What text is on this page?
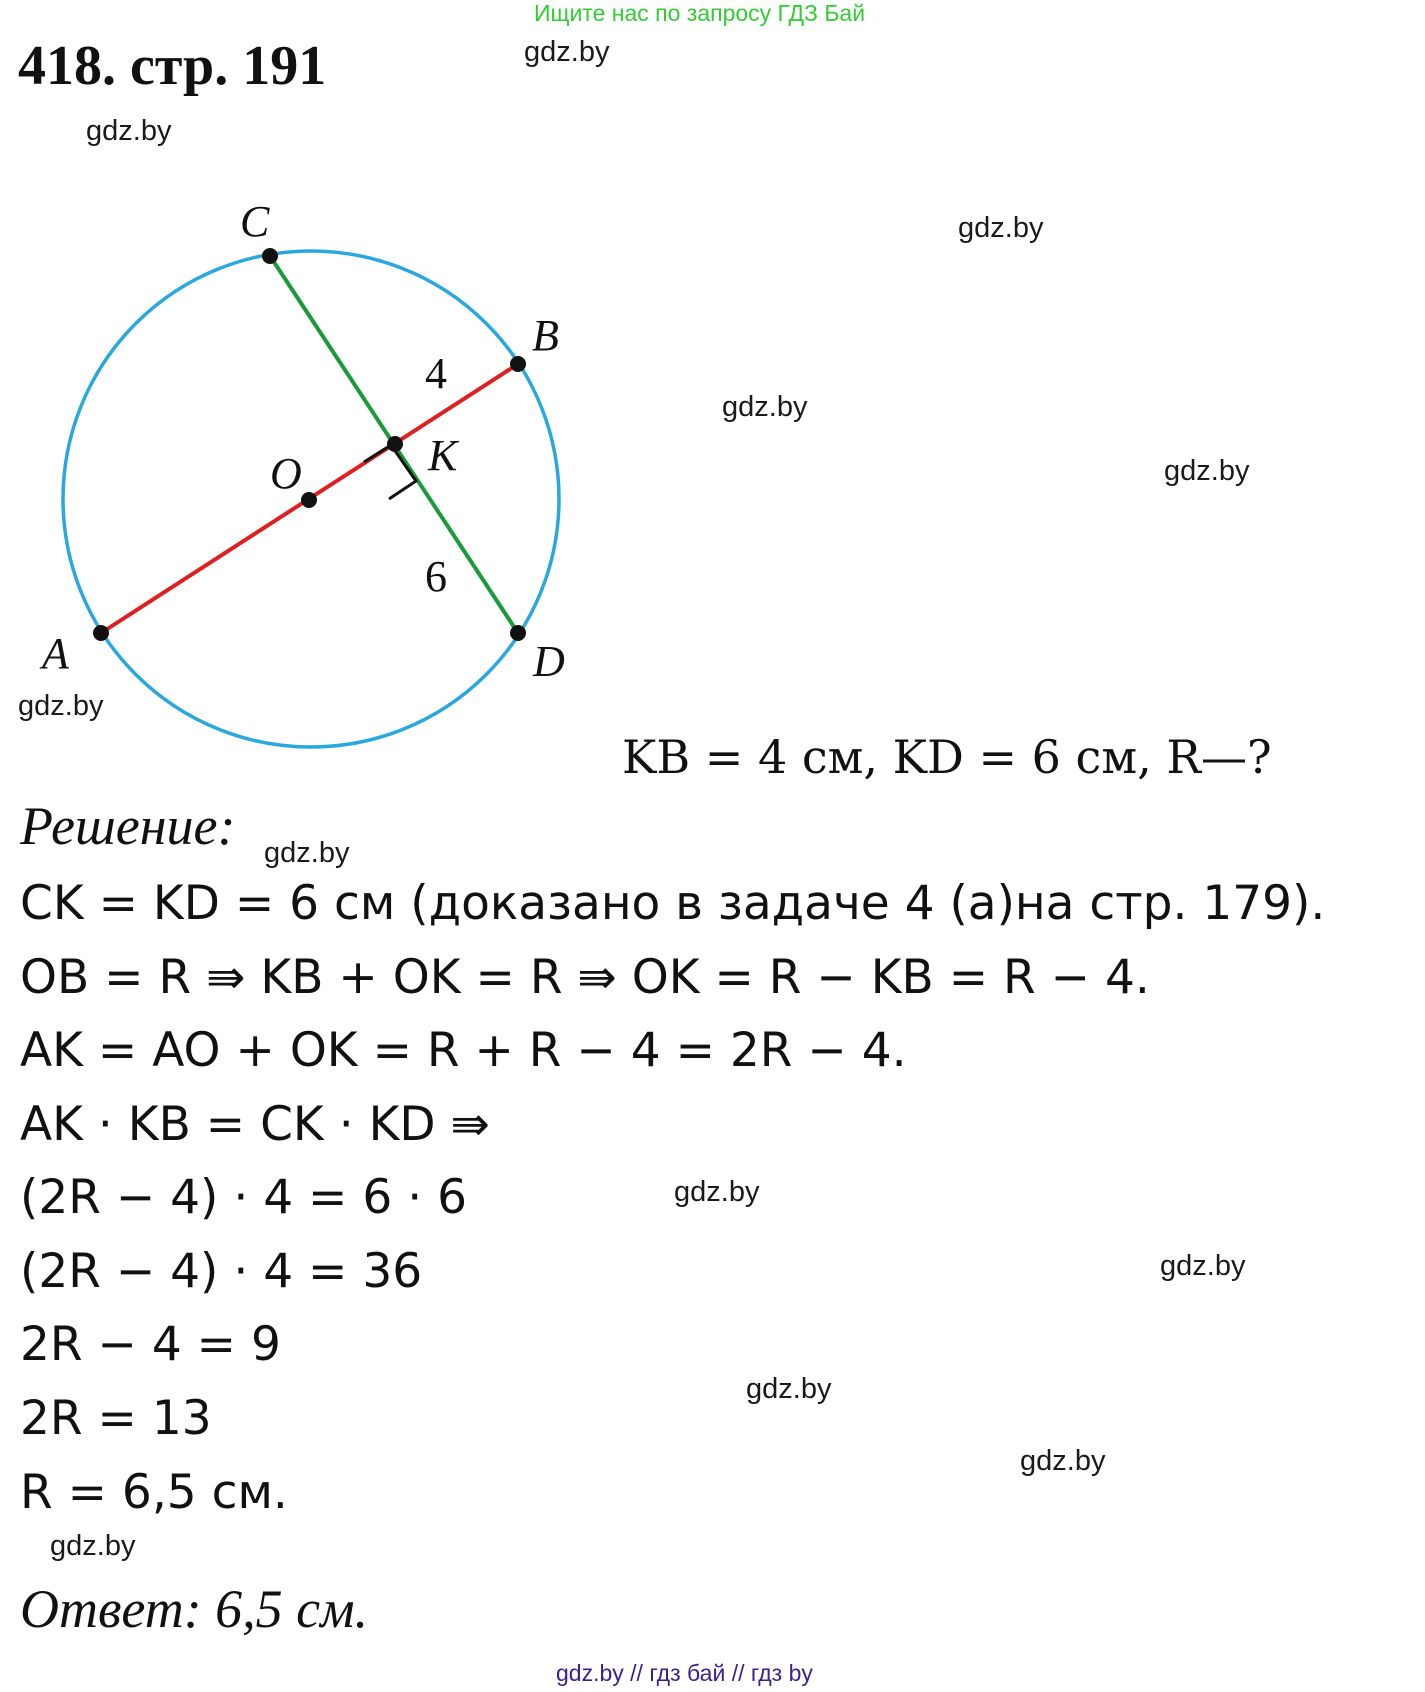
Ищите нас по запросу ГДЗ Бай
418. стр. 191	gdz.by
gdz.by
gdz.by
gdz.by
gdz.by
gdz.by
gdz.by
gdz.by
gdz.by
gdz.by
gdz.by
gdz.by
C
B
O	K
A	D
4
6
KB = 4 см, KD = 6 см, R—?
Решение:
CK = KD = 6 см (доказано в задаче 4 (а)на стр. 179).
OB = R ⇛ KB + OK = R ⇛ OK = R − KB = R − 4.
AK = AO + OK = R + R − 4 = 2R − 4.
AK · KB = CK · KD ⇛
(2R − 4) · 4 = 6 · 6
(2R − 4) · 4 = 36
2R − 4 = 9
2R = 13
R = 6,5 см.
Ответ: 6,5 см.
gdz.by // гдз бай // гдз by
